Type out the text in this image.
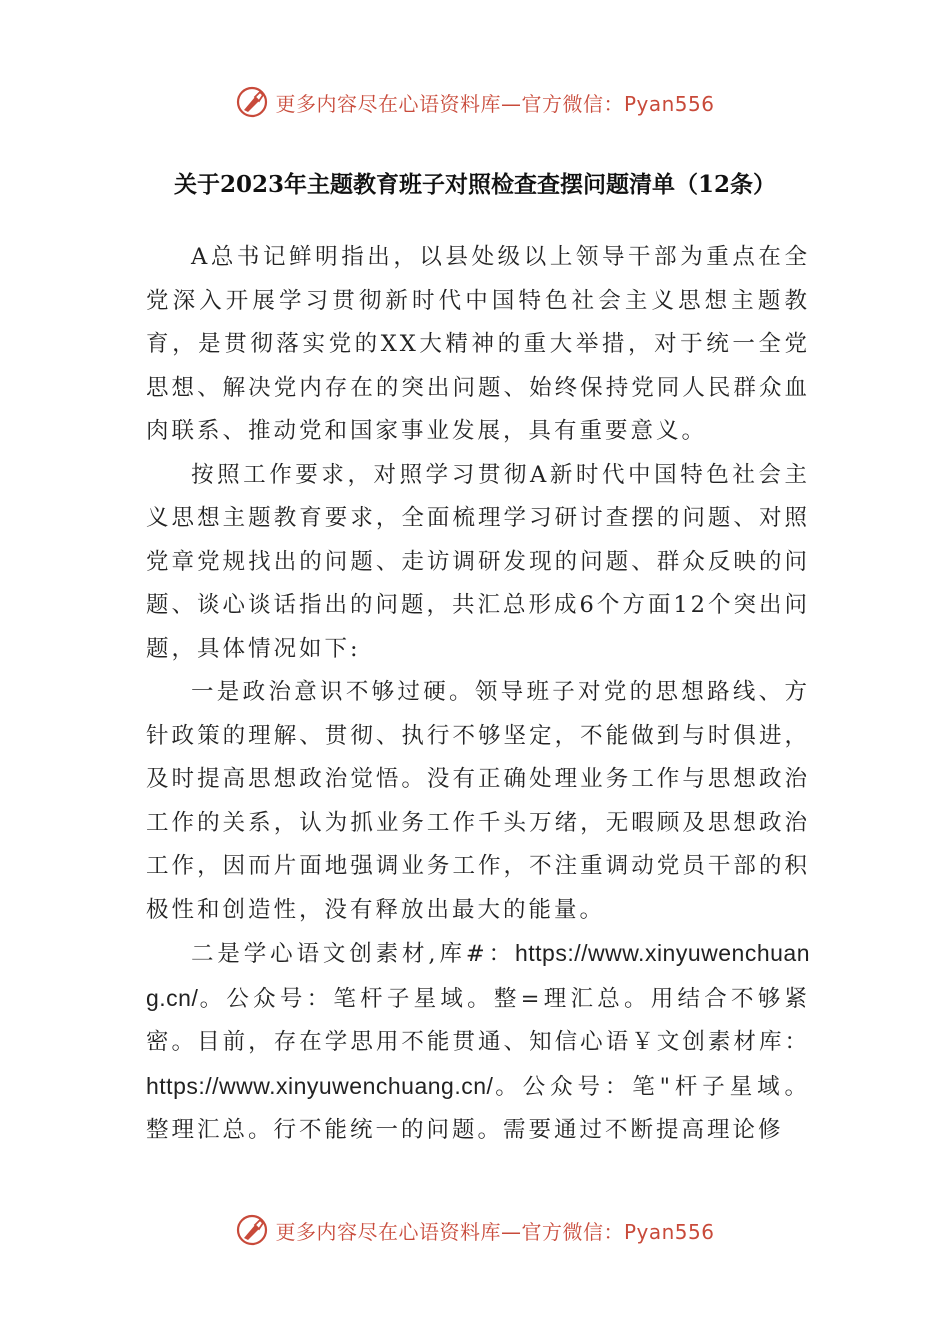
更多内容尽在心语资料库—官方微信：Pyan556
关于2023年主题教育班子对照检查查摆问题清单（12条）

A总书记鲜明指出，以县处级以上领导干部为重点在全党深入开展学习贯彻新时代中国特色社会主义思想主题教育，是贯彻落实党的XX大精神的重大举措，对于统一全党思想、解决党内存在的突出问题、始终保持党同人民群众血肉联系、推动党和国家事业发展，具有重要意义。

按照工作要求，对照学习贯彻A新时代中国特色社会主义思想主题教育要求，全面梳理学习研讨查摆的问题、对照党章党规找出的问题、走访调研发现的问题、群众反映的问题、谈心谈话指出的问题，共汇总形成6个方面12个突出问题，具体情况如下:

一是政治意识不够过硬。领导班子对党的思想路线、方针政策的理解、贯彻、执行不够坚定，不能做到与时俱进，及时提高思想政治觉悟。没有正确处理业务工作与思想政治工作的关系，认为抓业务工作千头万绪，无暇顾及思想政治工作，因而片面地强调业务工作，不注重调动党员干部的积极性和创造性，没有释放出最大的能量。

二是学心语文创素材,库#：https://www.xinyuwenchuang.cn/。公众号：笔杆子星域。整=理汇总。用结合不够紧密。目前，存在学思用不能贯通、知信心语￥文创素材库：https://www.xinyuwenchuang.cn/。公众号：笔"杆子星域。整理汇总。行不能统一的问题。需要通过不断提高理论修

更多内容尽在心语资料库—官方微信：Pyan556
